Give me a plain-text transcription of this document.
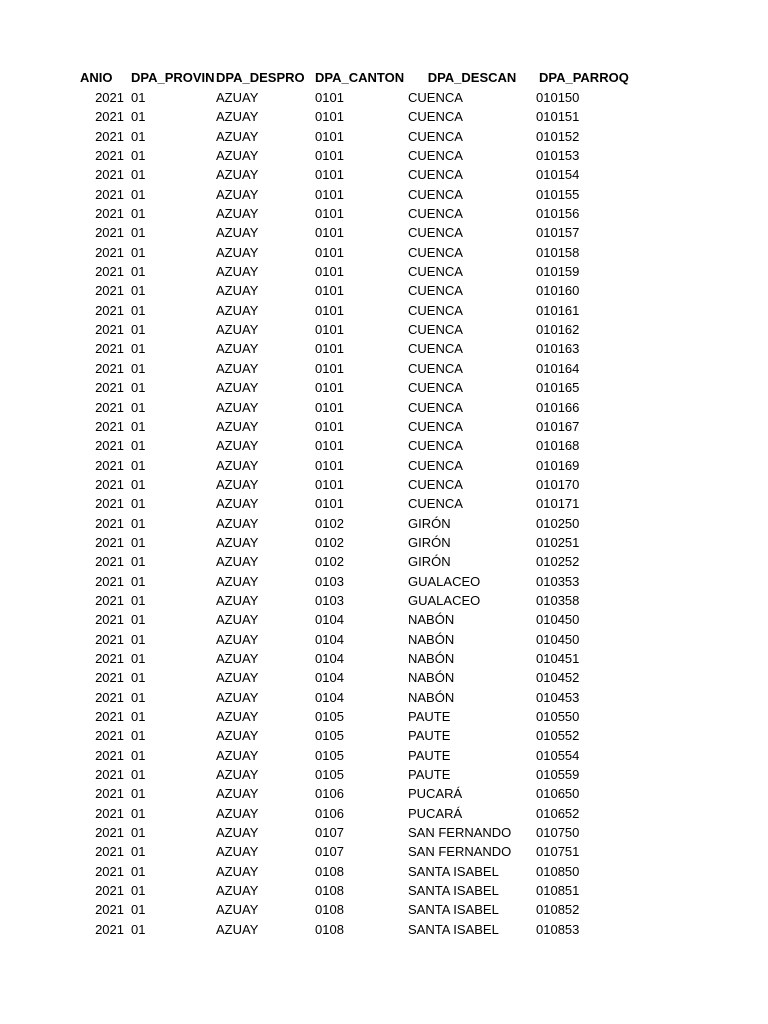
ANIO	DPA_PROVIN	DPA_DESPRO	DPA_CANTON	DPA_DESCAN	DPA_PARROQ
2021	01	AZUAY	0101	CUENCA	010150
2021	01	AZUAY	0101	CUENCA	010151
2021	01	AZUAY	0101	CUENCA	010152
2021	01	AZUAY	0101	CUENCA	010153
2021	01	AZUAY	0101	CUENCA	010154
2021	01	AZUAY	0101	CUENCA	010155
2021	01	AZUAY	0101	CUENCA	010156
2021	01	AZUAY	0101	CUENCA	010157
2021	01	AZUAY	0101	CUENCA	010158
2021	01	AZUAY	0101	CUENCA	010159
2021	01	AZUAY	0101	CUENCA	010160
2021	01	AZUAY	0101	CUENCA	010161
2021	01	AZUAY	0101	CUENCA	010162
2021	01	AZUAY	0101	CUENCA	010163
2021	01	AZUAY	0101	CUENCA	010164
2021	01	AZUAY	0101	CUENCA	010165
2021	01	AZUAY	0101	CUENCA	010166
2021	01	AZUAY	0101	CUENCA	010167
2021	01	AZUAY	0101	CUENCA	010168
2021	01	AZUAY	0101	CUENCA	010169
2021	01	AZUAY	0101	CUENCA	010170
2021	01	AZUAY	0101	CUENCA	010171
2021	01	AZUAY	0102	GIRÓN	010250
2021	01	AZUAY	0102	GIRÓN	010251
2021	01	AZUAY	0102	GIRÓN	010252
2021	01	AZUAY	0103	GUALACEO	010353
2021	01	AZUAY	0103	GUALACEO	010358
2021	01	AZUAY	0104	NABÓN	010450
2021	01	AZUAY	0104	NABÓN	010450
2021	01	AZUAY	0104	NABÓN	010451
2021	01	AZUAY	0104	NABÓN	010452
2021	01	AZUAY	0104	NABÓN	010453
2021	01	AZUAY	0105	PAUTE	010550
2021	01	AZUAY	0105	PAUTE	010552
2021	01	AZUAY	0105	PAUTE	010554
2021	01	AZUAY	0105	PAUTE	010559
2021	01	AZUAY	0106	PUCARÁ	010650
2021	01	AZUAY	0106	PUCARÁ	010652
2021	01	AZUAY	0107	SAN FERNANDO	010750
2021	01	AZUAY	0107	SAN FERNANDO	010751
2021	01	AZUAY	0108	SANTA ISABEL	010850
2021	01	AZUAY	0108	SANTA ISABEL	010851
2021	01	AZUAY	0108	SANTA ISABEL	010852
2021	01	AZUAY	0108	SANTA ISABEL	010853
